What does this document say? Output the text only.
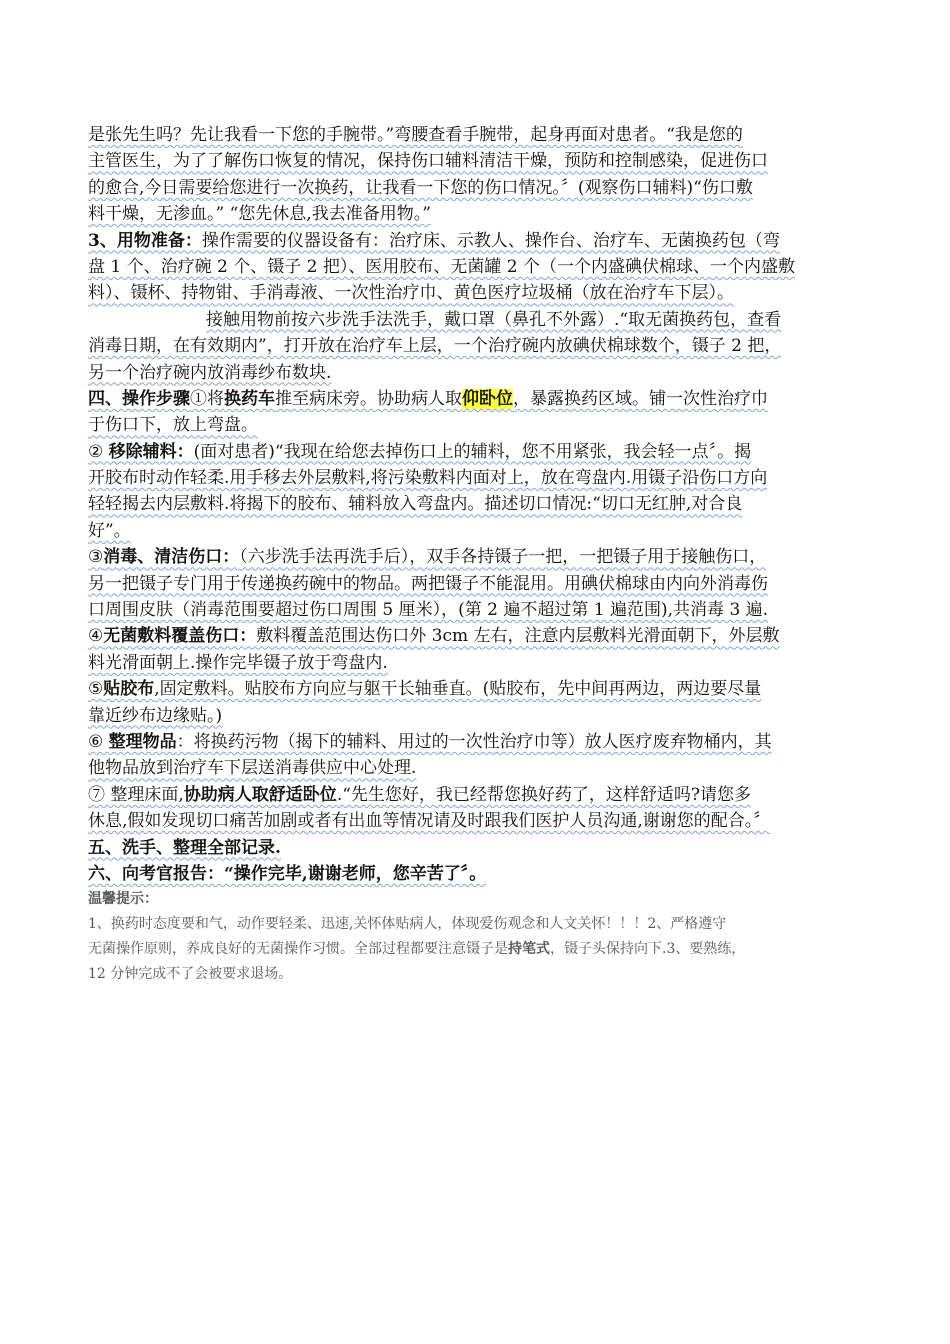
是张先生吗？先让我看一下您的手腕带。”弯腰查看手腕带，起身再面对患者。“我是您的
主管医生，为了了解伤口恢复的情况，保持伤口辅料清洁干燥，预防和控制感染，促进伤口
的愈合,今日需要给您进行一次换药，让我看一下您的伤口情况。〞(观察伤口辅料)“伤口敷
料干燥，无渗血。” “您先休息,我去准备用物。”
3、用物准备：操作需要的仪器设备有：治疗床、示教人、操作台、治疗车、无菌换药包（弯
盘 1 个、治疗碗 2 个、镊子 2 把）、医用胶布、无菌罐 2 个（一个内盛碘伏棉球、一个内盛敷
料）、镊杯、持物钳、手消毒液、一次性治疗巾、黄色医疗垃圾桶（放在治疗车下层）。
接触用物前按六步洗手法洗手，戴口罩（鼻孔不外露）.“取无菌换药包，查看
消毒日期，在有效期内”，打开放在治疗车上层，一个治疗碗内放碘伏棉球数个，镊子 2 把，
另一个治疗碗内放消毒纱布数块.
四、操作步骤①将换药车推至病床旁。协助病人取仰卧位，暴露换药区域。铺一次性治疗巾
于伤口下，放上弯盘。
② 移除辅料：(面对患者)“我现在给您去掉伤口上的辅料，您不用紧张，我会轻一点〞。揭
开胶布时动作轻柔.用手移去外层敷料,将污染敷料内面对上，放在弯盘内.用镊子沿伤口方向
轻轻揭去内层敷料.将揭下的胶布、辅料放入弯盘内。描述切口情况:“切口无红肿,对合良
好”。
③消毒、清洁伤口：（六步洗手法再洗手后），双手各持镊子一把，一把镊子用于接触伤口，
另一把镊子专门用于传递换药碗中的物品。两把镊子不能混用。用碘伏棉球由内向外消毒伤
口周围皮肤（消毒范围要超过伤口周围 5 厘米），(第 2 遍不超过第 1 遍范围),共消毒 3 遍.
④无菌敷料覆盖伤口：敷料覆盖范围达伤口外 3cm 左右，注意内层敷料光滑面朝下，外层敷
料光滑面朝上.操作完毕镊子放于弯盘内.
⑤贴胶布,固定敷料。贴胶布方向应与躯干长轴垂直。(贴胶布，先中间再两边，两边要尽量
靠近纱布边缘贴。)
⑥ 整理物品：将换药污物（揭下的辅料、用过的一次性治疗巾等）放人医疗废弃物桶内，其
他物品放到治疗车下层送消毒供应中心处理.
⑦ 整理床面,协助病人取舒适卧位.“先生您好，我已经帮您换好药了，这样舒适吗?请您多
休息,假如发现切口痛苦加剧或者有出血等情况请及时跟我们医护人员沟通,谢谢您的配合。〞
五、洗手、整理全部记录.
六、向考官报告：“操作完毕,谢谢老师，您辛苦了〞。
温馨提示：
1、换药时态度要和气，动作要轻柔、迅速,关怀体贴病人，体现爱伤观念和人文关怀！！！2、严格遵守
无菌操作原则，养成良好的无菌操作习惯。全部过程都要注意镊子是持笔式，镊子头保持向下.3、要熟练，
12 分钟完成不了会被要求退场。
